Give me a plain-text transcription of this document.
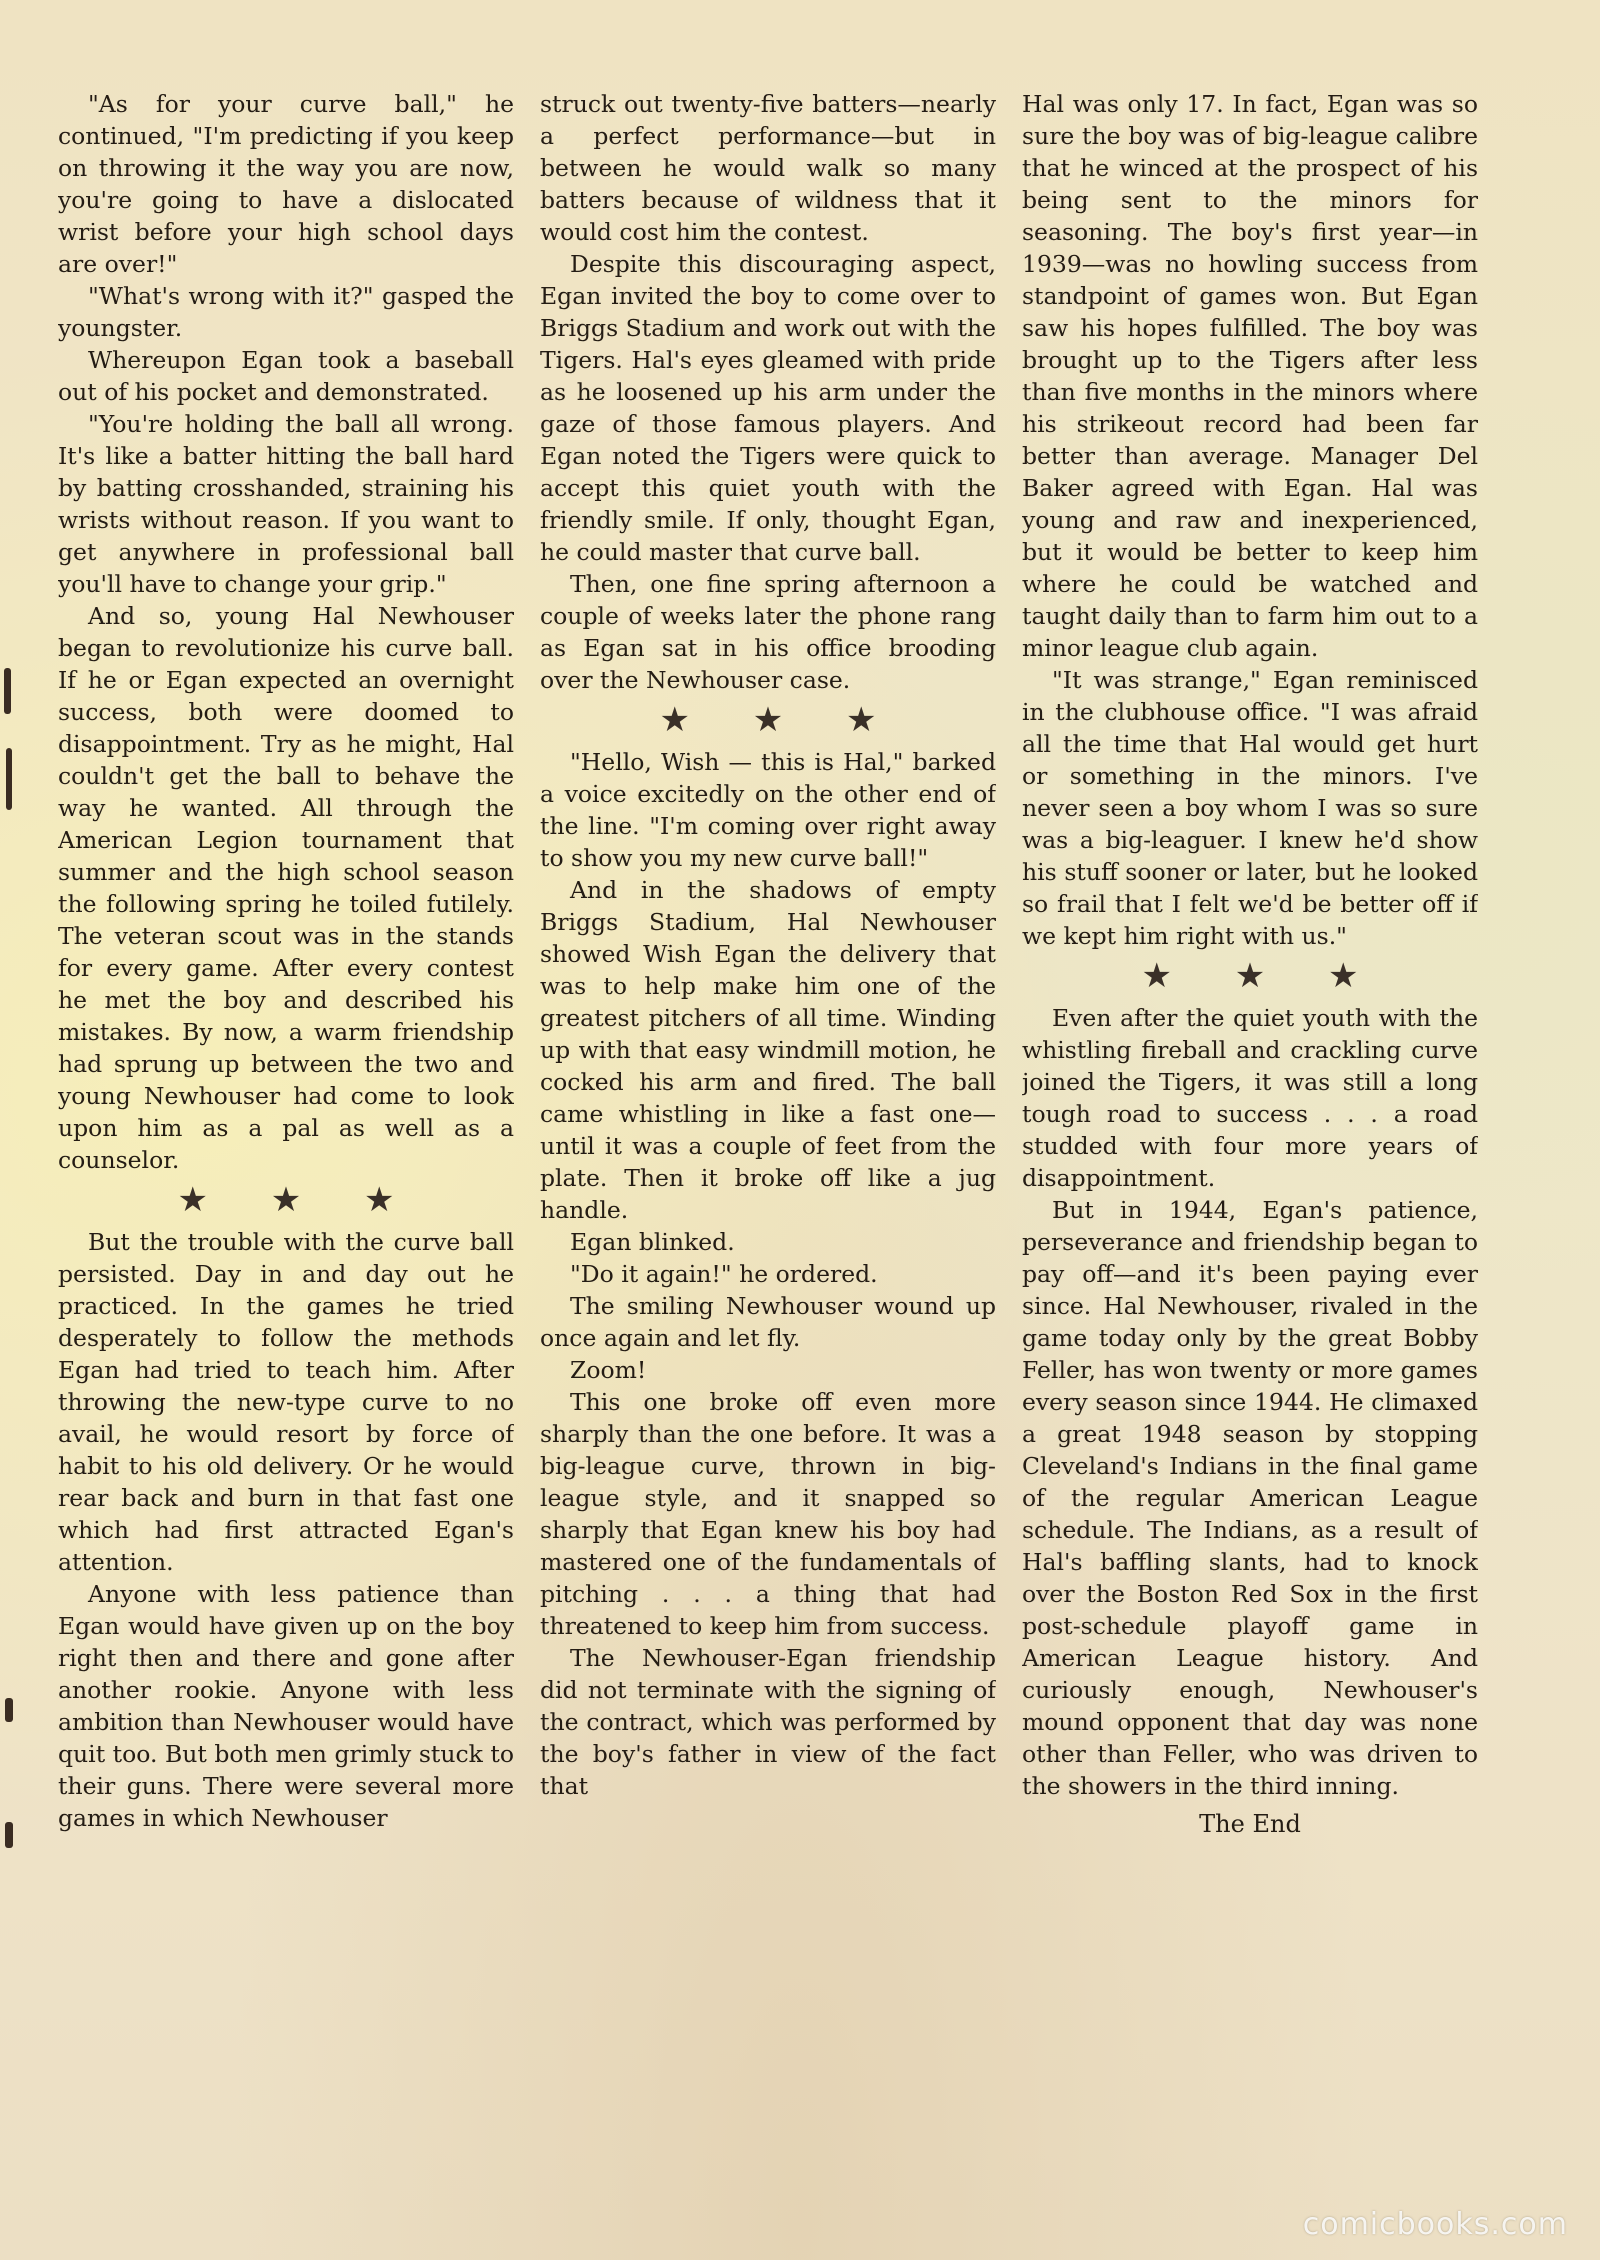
"As for your curve ball," he continued, "I'm predicting if you keep on throwing it the way you are now, you're going to have a dislocated wrist before your high school days are over!"

"What's wrong with it?" gasped the youngster.

Whereupon Egan took a baseball out of his pocket and demonstrated.

"You're holding the ball all wrong. It's like a batter hitting the ball hard by batting crosshanded, straining his wrists without reason. If you want to get anywhere in professional ball you'll have to change your grip."

And so, young Hal Newhouser began to revolutionize his curve ball. If he or Egan expected an overnight success, both were doomed to disappointment. Try as he might, Hal couldn't get the ball to behave the way he wanted. All through the American Legion tournament that summer and the high school season the following spring he toiled futilely. The veteran scout was in the stands for every game. After every contest he met the boy and described his mistakes. By now, a warm friendship had sprung up between the two and young Newhouser had come to look upon him as a pal as well as a counselor.

★ ★ ★

But the trouble with the curve ball persisted. Day in and day out he practiced. In the games he tried desperately to follow the methods Egan had tried to teach him. After throwing the new-type curve to no avail, he would resort by force of habit to his old delivery. Or he would rear back and burn in that fast one which had first attracted Egan's attention.

Anyone with less patience than Egan would have given up on the boy right then and there and gone after another rookie. Anyone with less ambition than Newhouser would have quit too. But both men grimly stuck to their guns. There were several more games in which Newhouser

struck out twenty-five batters—nearly a perfect performance—but in between he would walk so many batters because of wildness that it would cost him the contest.

Despite this discouraging aspect, Egan invited the boy to come over to Briggs Stadium and work out with the Tigers. Hal's eyes gleamed with pride as he loosened up his arm under the gaze of those famous players. And Egan noted the Tigers were quick to accept this quiet youth with the friendly smile. If only, thought Egan, he could master that curve ball.

Then, one fine spring afternoon a couple of weeks later the phone rang as Egan sat in his office brooding over the Newhouser case.

★ ★ ★

"Hello, Wish — this is Hal," barked a voice excitedly on the other end of the line. "I'm coming over right away to show you my new curve ball!"

And in the shadows of empty Briggs Stadium, Hal Newhouser showed Wish Egan the delivery that was to help make him one of the greatest pitchers of all time. Winding up with that easy windmill motion, he cocked his arm and fired. The ball came whistling in like a fast one—until it was a couple of feet from the plate. Then it broke off like a jug handle.

Egan blinked.

"Do it again!" he ordered.

The smiling Newhouser wound up once again and let fly.

Zoom!

This one broke off even more sharply than the one before. It was a big-league curve, thrown in big-league style, and it snapped so sharply that Egan knew his boy had mastered one of the fundamentals of pitching . . . a thing that had threatened to keep him from success.

The Newhouser-Egan friendship did not terminate with the signing of the contract, which was performed by the boy's father in view of the fact that

Hal was only 17. In fact, Egan was so sure the boy was of big-league calibre that he winced at the prospect of his being sent to the minors for seasoning. The boy's first year—in 1939—was no howling success from standpoint of games won. But Egan saw his hopes fulfilled. The boy was brought up to the Tigers after less than five months in the minors where his strikeout record had been far better than average. Manager Del Baker agreed with Egan. Hal was young and raw and inexperienced, but it would be better to keep him where he could be watched and taught daily than to farm him out to a minor league club again.

"It was strange," Egan reminisced in the clubhouse office. "I was afraid all the time that Hal would get hurt or something in the minors. I've never seen a boy whom I was so sure was a big-leaguer. I knew he'd show his stuff sooner or later, but he looked so frail that I felt we'd be better off if we kept him right with us."

★ ★ ★

Even after the quiet youth with the whistling fireball and crackling curve joined the Tigers, it was still a long tough road to success . . . a road studded with four more years of disappointment.

But in 1944, Egan's patience, perseverance and friendship began to pay off—and it's been paying ever since. Hal Newhouser, rivaled in the game today only by the great Bobby Feller, has won twenty or more games every season since 1944. He climaxed a great 1948 season by stopping Cleveland's Indians in the final game of the regular American League schedule. The Indians, as a result of Hal's baffling slants, had to knock over the Boston Red Sox in the first post-schedule playoff game in American League history. And curiously enough, Newhouser's mound opponent that day was none other than Feller, who was driven to the showers in the third inning.

The End
comicbooks.com
